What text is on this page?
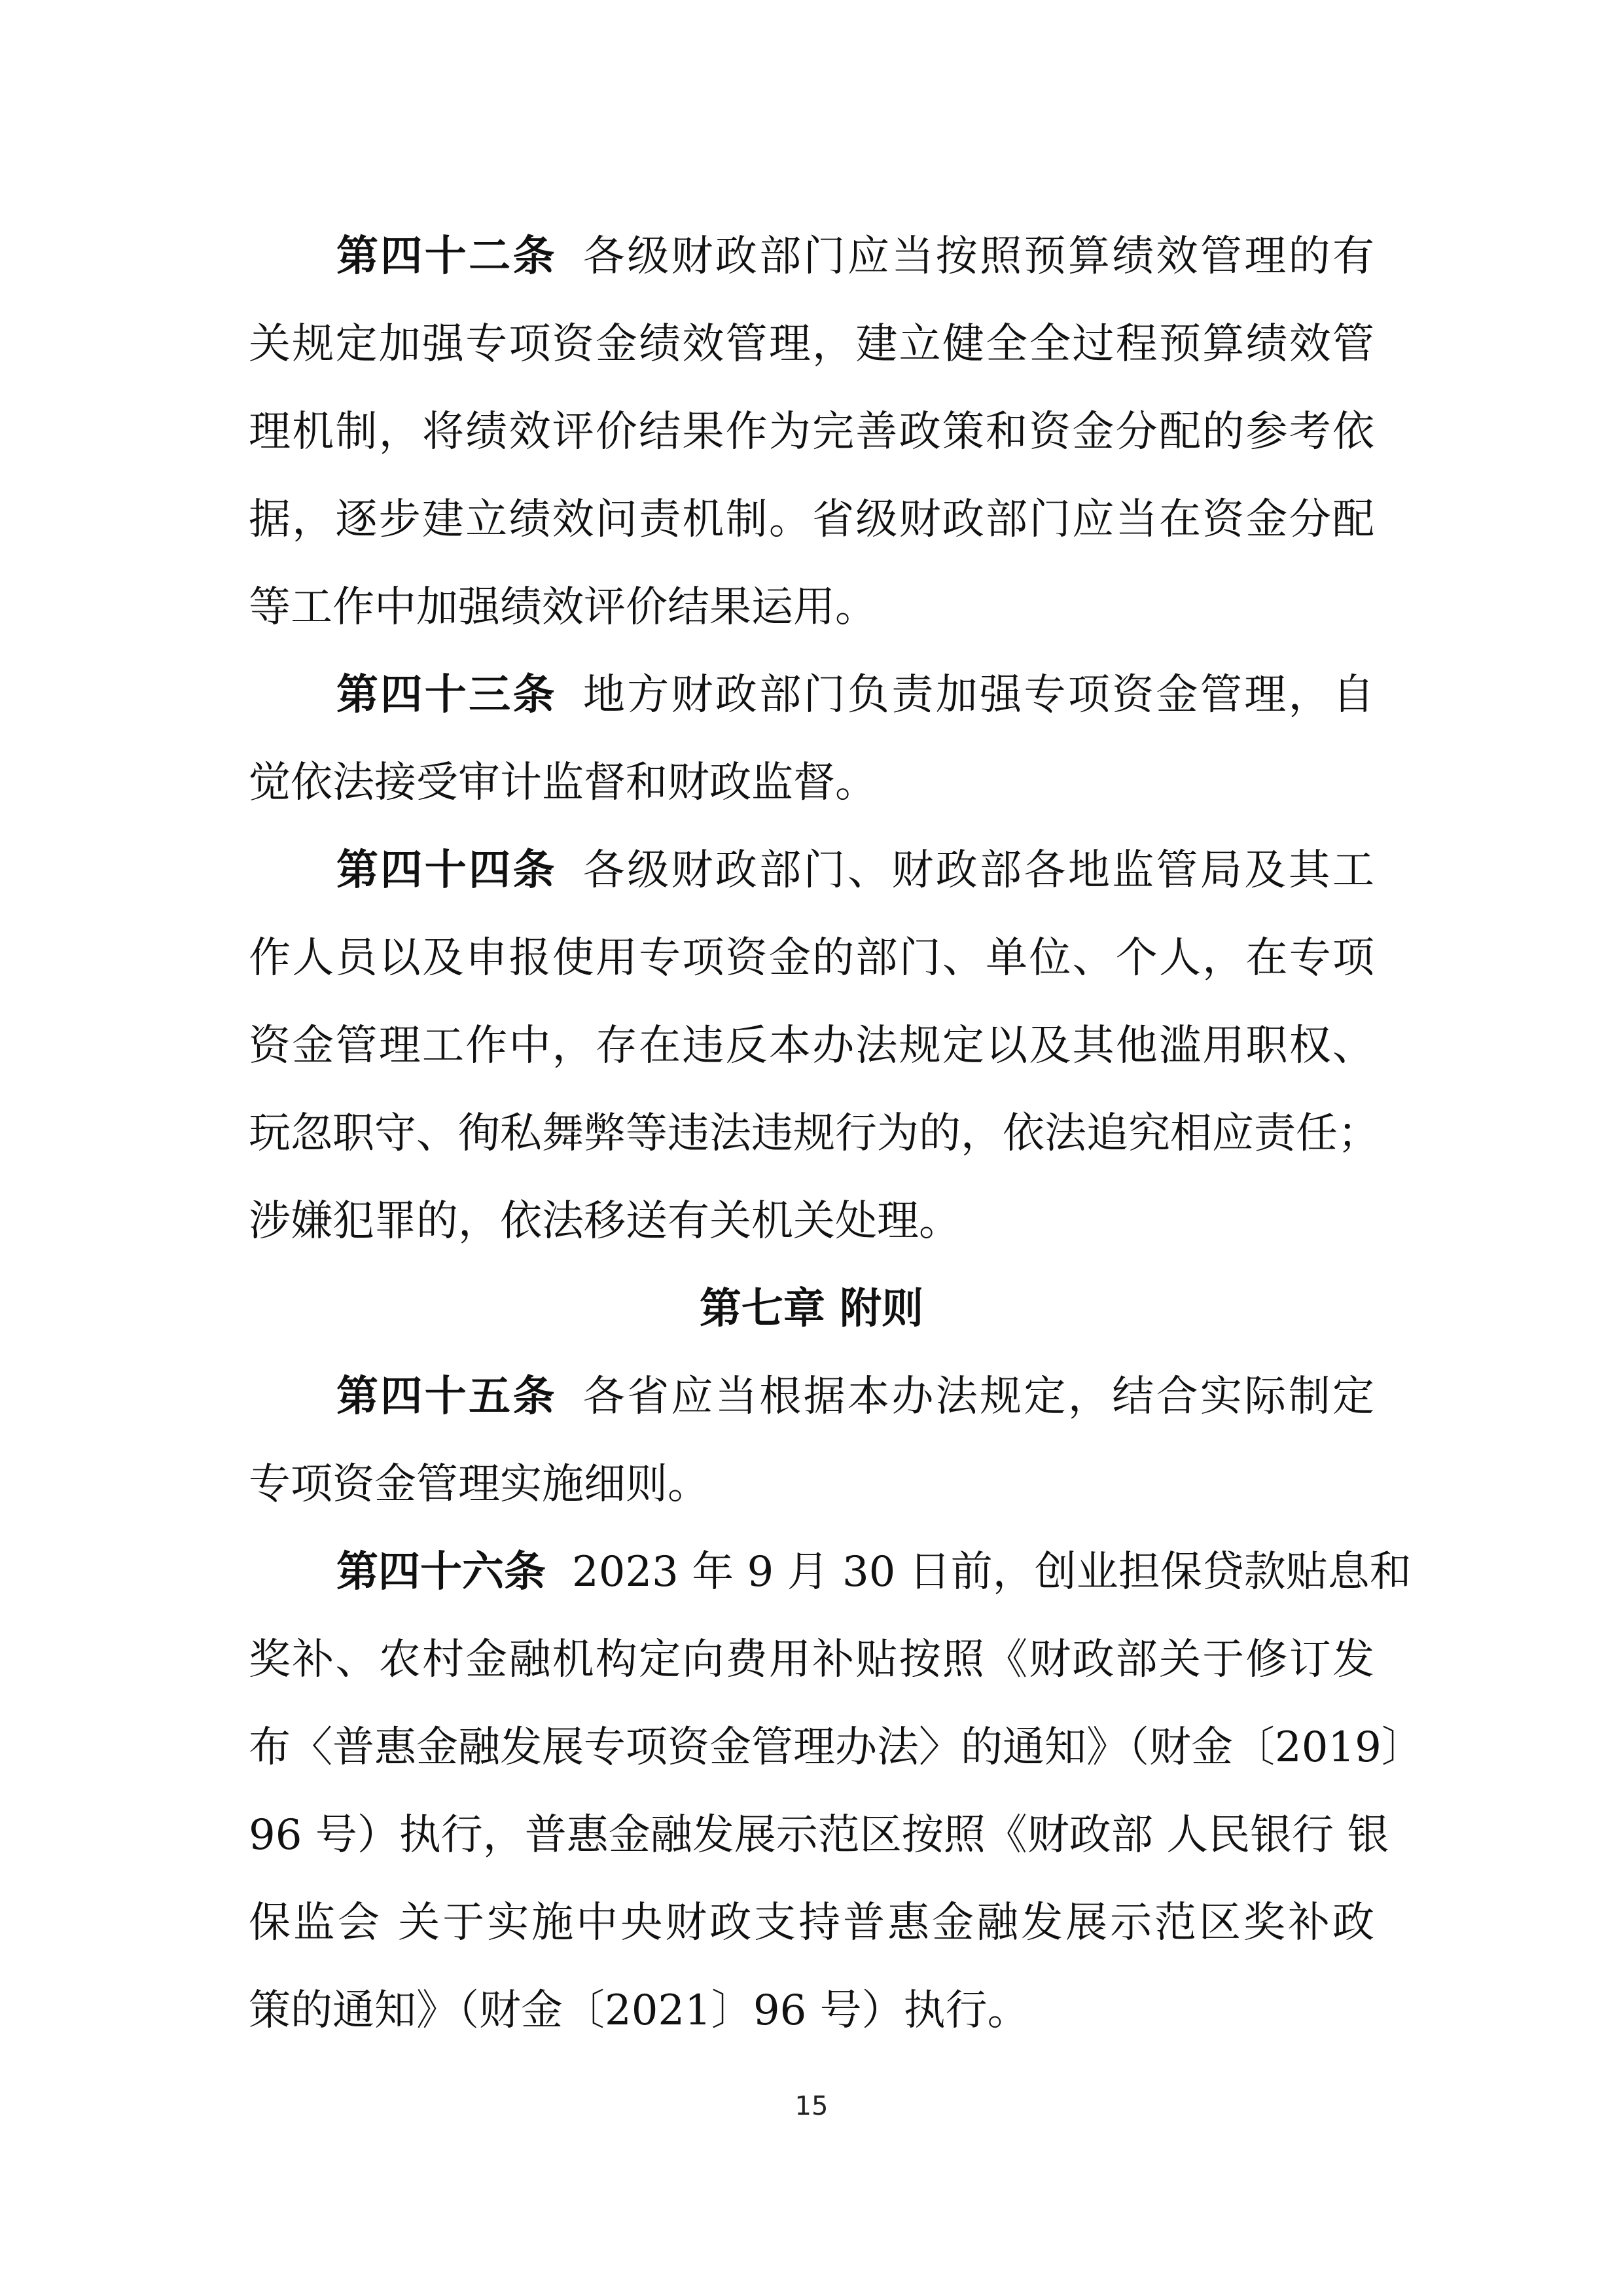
第四十二条 各级财政部门应当按照预算绩效管理的有
关规定加强专项资金绩效管理，建立健全全过程预算绩效管
理机制，将绩效评价结果作为完善政策和资金分配的参考依
据，逐步建立绩效问责机制。省级财政部门应当在资金分配
等工作中加强绩效评价结果运用。
第四十三条 地方财政部门负责加强专项资金管理，自
觉依法接受审计监督和财政监督。
第四十四条 各级财政部门、财政部各地监管局及其工
作人员以及申报使用专项资金的部门、单位、个人，在专项
资金管理工作中，存在违反本办法规定以及其他滥用职权、
玩忽职守、徇私舞弊等违法违规行为的，依法追究相应责任；
涉嫌犯罪的，依法移送有关机关处理。
第七章 附则
第四十五条 各省应当根据本办法规定，结合实际制定
专项资金管理实施细则。
第四十六条 2023 年 9 月 30 日前，创业担保贷款贴息和
奖补、农村金融机构定向费用补贴按照《财政部关于修订发
布〈普惠金融发展专项资金管理办法〉的通知》（财金〔2019〕
96 号）执行，普惠金融发展示范区按照《财政部 人民银行 银
保监会 关于实施中央财政支持普惠金融发展示范区奖补政
策的通知》（财金〔2021〕96 号）执行。
15
